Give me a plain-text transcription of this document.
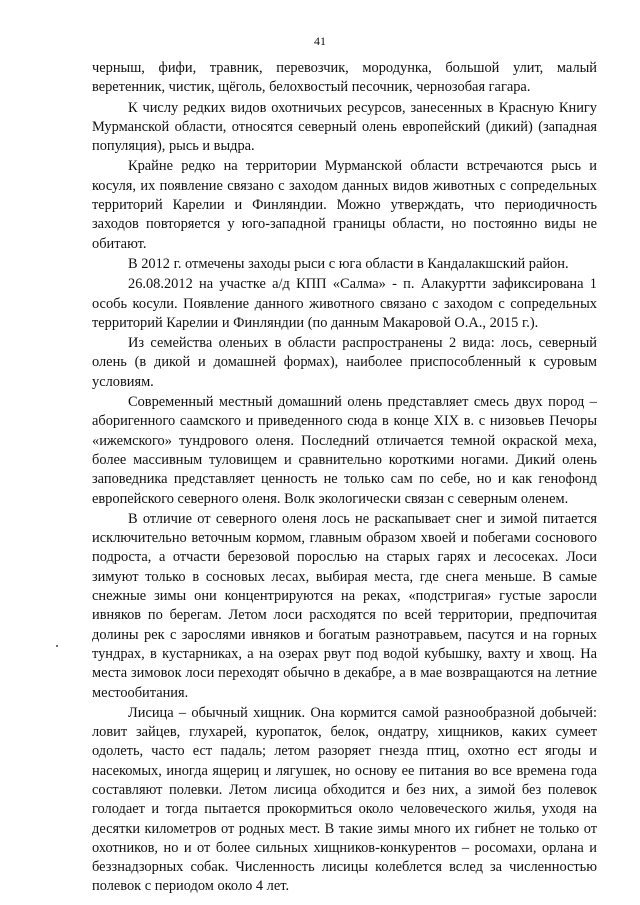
41

черныш, фифи, травник, перевозчик, мородунка, большой улит, малый веретенник, чистик, щёголь, белохвостый песочник, чернозобая гагара.

К числу редких видов охотничьих ресурсов, занесенных в Красную Книгу Мурманской области, относятся северный олень европейский (дикий) (западная популяция), рысь и выдра.

Крайне редко на территории Мурманской области встречаются рысь и косуля, их появление связано с заходом данных видов животных с сопредельных территорий Карелии и Финляндии. Можно утверждать, что периодичность заходов повторяется у юго-западной границы области, но постоянно виды не обитают.

В 2012 г. отмечены заходы рыси с юга области в Кандалакшский район.

26.08.2012 на участке а/д КПП «Салма» - п. Алакуртти зафиксирована 1 особь косули. Появление данного животного связано с заходом с сопредельных территорий Карелии и Финляндии (по данным Макаровой О.А., 2015 г.).

Из семейства оленьих в области распространены 2 вида: лось, северный олень (в дикой и домашней формах), наиболее приспособленный к суровым условиям.

Современный местный домашний олень представляет смесь двух пород – аборигенного саамского и приведенного сюда в конце XIX в. с низовьев Печоры «ижемского» тундрового оленя. Последний отличается темной окраской меха, более массивным туловищем и сравнительно короткими ногами. Дикий олень заповедника представляет ценность не только сам по себе, но и как генофонд европейского северного оленя. Волк экологически связан с северным оленем.

В отличие от северного оленя лось не раскапывает снег и зимой питается исключительно веточным кормом, главным образом хвоей и побегами соснового подроста, а отчасти березовой порослью на старых гарях и лесосеках. Лоси зимуют только в сосновых лесах, выбирая места, где снега меньше. В самые снежные зимы они концентрируются на реках, «подстригая» густые заросли ивняков по берегам. Летом лоси расходятся по всей территории, предпочитая долины рек с зарослями ивняков и богатым разнотравьем, пасутся и на горных тундрах, в кустарниках, а на озерах рвут под водой кубышку, вахту и хвощ. На места зимовок лоси переходят обычно в декабре, а в мае возвращаются на летние местообитания.

Лисица – обычный хищник. Она кормится самой разнообразной добычей: ловит зайцев, глухарей, куропаток, белок, ондатру, хищников, каких сумеет одолеть, часто ест падаль; летом разоряет гнезда птиц, охотно ест ягоды и насекомых, иногда ящериц и лягушек, но основу ее питания во все времена года составляют полевки. Летом лисица обходится и без них, а зимой без полевок голодает и тогда пытается прокормиться около человеческого жилья, уходя на десятки километров от родных мест. В такие зимы много их гибнет не только от охотников, но и от более сильных хищников-конкурентов – росомахи, орлана и беззнадзорных собак. Численность лисицы колеблется вслед за численностью полевок с периодом около 4 лет.
